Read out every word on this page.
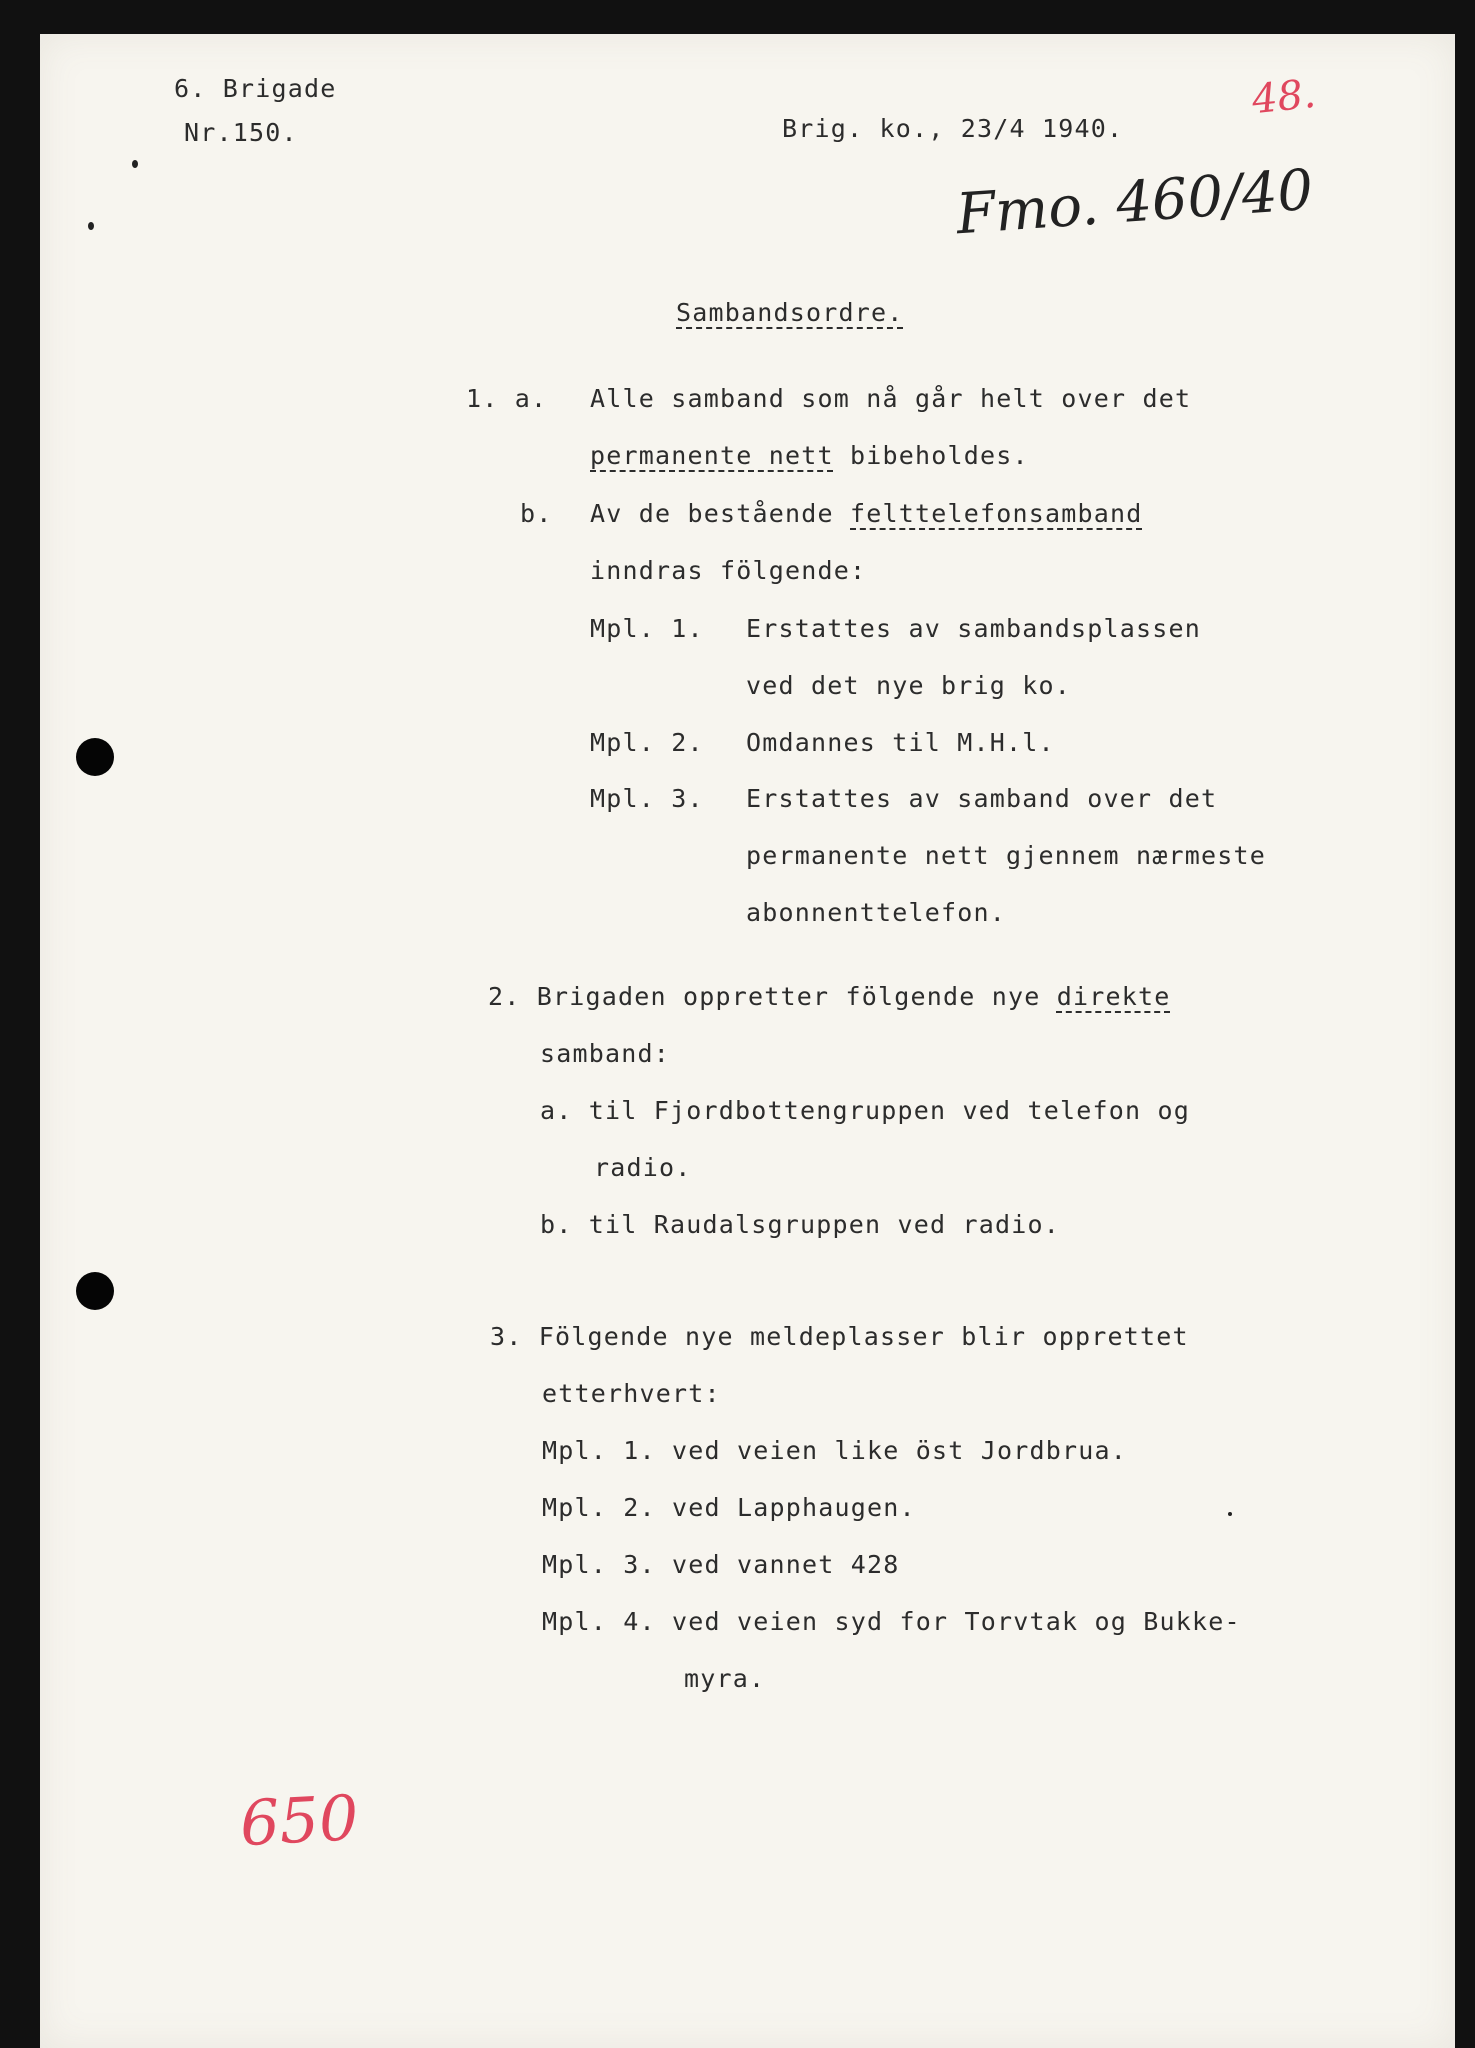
6. Brigade
Nr.150.	Brig. ko., 23/4 1940.
48.
Fmo. 460/40
650
Sambandsordre.
1. a. Alle samband som nå går helt over det
permanente nett bibeholdes.
b. Av de bestående felttelefonsamband
inndras fölgende:
Mpl. 1. Erstattes av sambandsplassen
ved det nye brig ko.
Mpl. 2. Omdannes til M.H.l.
Mpl. 3. Erstattes av samband over det
permanente nett gjennem nærmeste
abonnenttelefon.
2. Brigaden oppretter fölgende nye direkte
samband:
a. til Fjordbottengruppen ved telefon og
radio.
b. til Raudalsgruppen ved radio.
3. Fölgende nye meldeplasser blir opprettet
etterhvert:
Mpl. 1. ved veien like öst Jordbrua.
Mpl. 2. ved Lapphaugen.
Mpl. 3. ved vannet 428
Mpl. 4. ved veien syd for Torvtak og Bukke-
myra.
